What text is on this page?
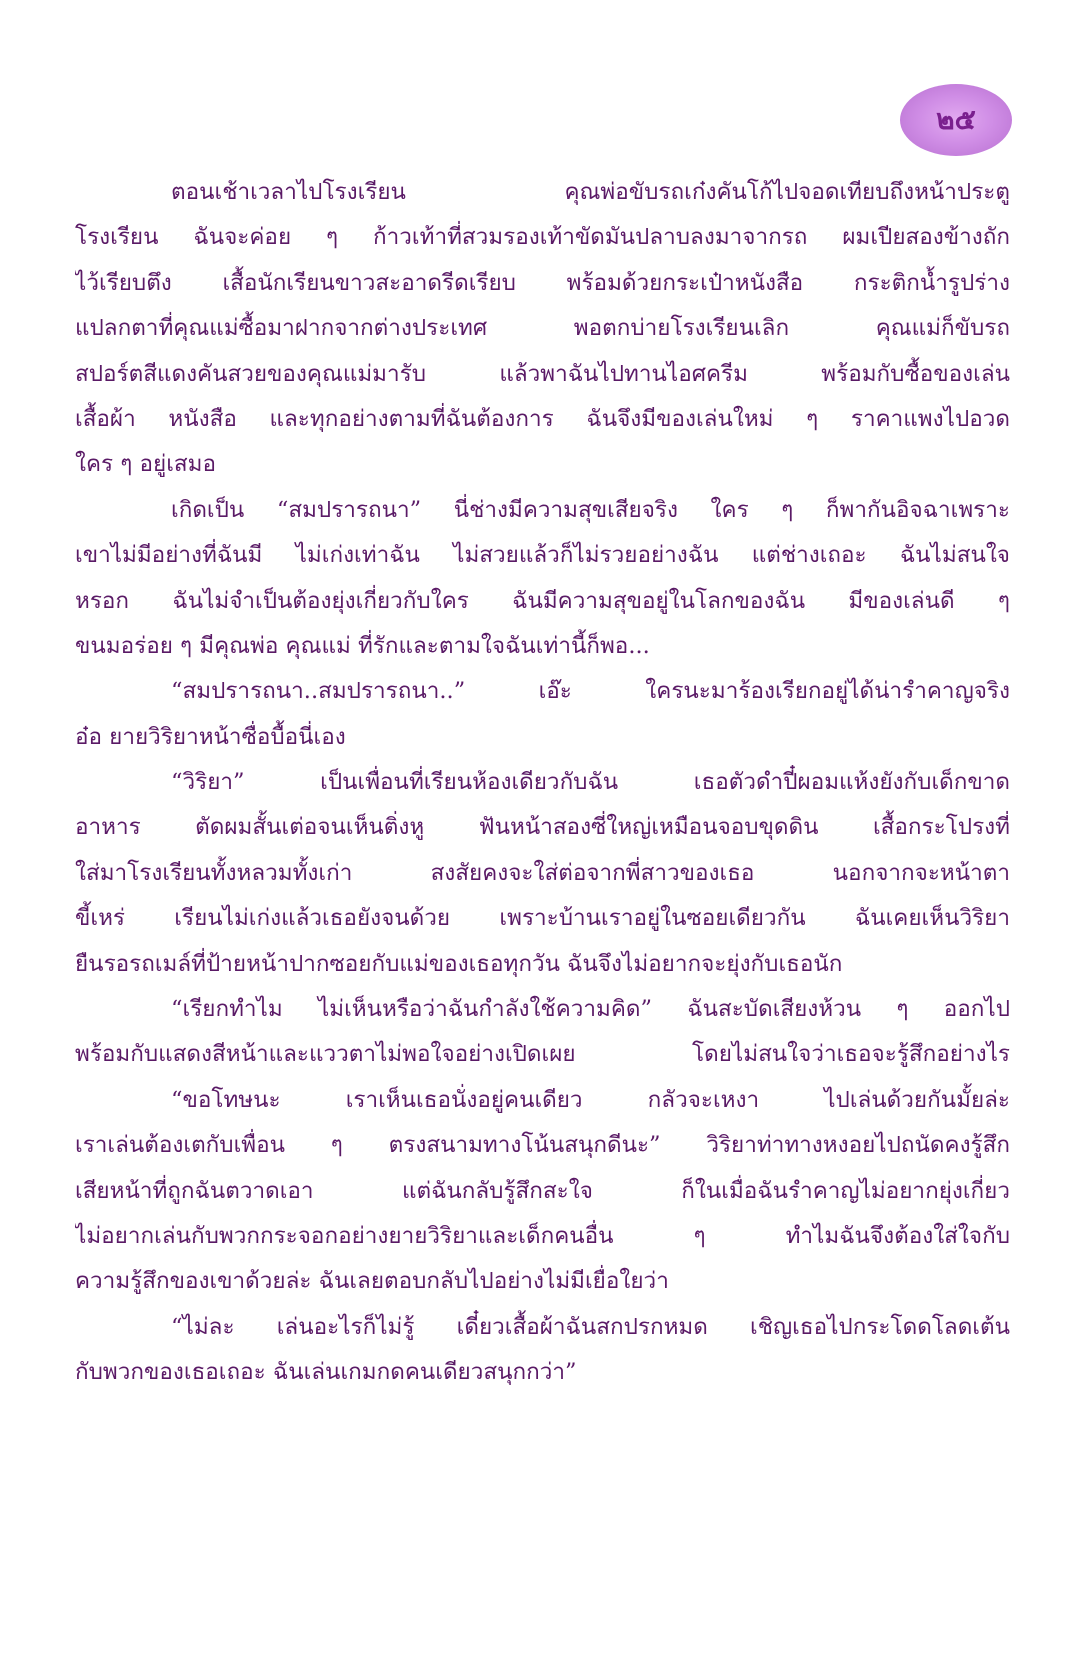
๒๕
ตอนเช้าเวลาไปโรงเรียน คุณพ่อขับรถเก๋งคันโก้ไปจอดเทียบถึงหน้าประตู
โรงเรียน ฉันจะค่อย ๆ ก้าวเท้าที่สวมรองเท้าขัดมันปลาบลงมาจากรถ ผมเปียสองข้างถัก
ไว้เรียบตึง เสื้อนักเรียนขาวสะอาดรีดเรียบ พร้อมด้วยกระเป๋าหนังสือ กระติกน้ำรูปร่าง
แปลกตาที่คุณแม่ซื้อมาฝากจากต่างประเทศ พอตกบ่ายโรงเรียนเลิก คุณแม่ก็ขับรถ
สปอร์ตสีแดงคันสวยของคุณแม่มารับ แล้วพาฉันไปทานไอศครีม พร้อมกับซื้อของเล่น
เสื้อผ้า หนังสือ และทุกอย่างตามที่ฉันต้องการ ฉันจึงมีของเล่นใหม่ ๆ ราคาแพงไปอวด
ใคร ๆ อยู่เสมอ
เกิดเป็น “สมปรารถนา” นี่ช่างมีความสุขเสียจริง ใคร ๆ ก็พากันอิจฉาเพราะ
เขาไม่มีอย่างที่ฉันมี ไม่เก่งเท่าฉัน ไม่สวยแล้วก็ไม่รวยอย่างฉัน แต่ช่างเถอะ ฉันไม่สนใจ
หรอก ฉันไม่จำเป็นต้องยุ่งเกี่ยวกับใคร ฉันมีความสุขอยู่ในโลกของฉัน มีของเล่นดี ๆ
ขนมอร่อย ๆ มีคุณพ่อ คุณแม่ ที่รักและตามใจฉันเท่านี้ก็พอ...
“สมปรารถนา..สมปรารถนา..” เอ๊ะ ใครนะมาร้องเรียกอยู่ได้น่ารำคาญจริง
อ๋อ ยายวิริยาหน้าซื่อบื้อนี่เอง
“วิริยา” เป็นเพื่อนที่เรียนห้องเดียวกับฉัน เธอตัวดำปี๋ผอมแห้งยังกับเด็กขาด
อาหาร ตัดผมสั้นเต่อจนเห็นติ่งหู ฟันหน้าสองซี่ใหญ่เหมือนจอบขุดดิน เสื้อกระโปรงที่
ใส่มาโรงเรียนทั้งหลวมทั้งเก่า สงสัยคงจะใส่ต่อจากพี่สาวของเธอ นอกจากจะหน้าตา
ขี้เหร่ เรียนไม่เก่งแล้วเธอยังจนด้วย เพราะบ้านเราอยู่ในซอยเดียวกัน ฉันเคยเห็นวิริยา
ยืนรอรถเมล์ที่ป้ายหน้าปากซอยกับแม่ของเธอทุกวัน ฉันจึงไม่อยากจะยุ่งกับเธอนัก
“เรียกทำไม ไม่เห็นหรือว่าฉันกำลังใช้ความคิด” ฉันสะบัดเสียงห้วน ๆ ออกไป
พร้อมกับแสดงสีหน้าและแววตาไม่พอใจอย่างเปิดเผย โดยไม่สนใจว่าเธอจะรู้สึกอย่างไร
“ขอโทษนะ เราเห็นเธอนั่งอยู่คนเดียว กลัวจะเหงา ไปเล่นด้วยกันมั้ยล่ะ
เราเล่นต้องเตกับเพื่อน ๆ ตรงสนามทางโน้นสนุกดีนะ” วิริยาท่าทางหงอยไปถนัดคงรู้สึก
เสียหน้าที่ถูกฉันตวาดเอา แต่ฉันกลับรู้สึกสะใจ ก็ในเมื่อฉันรำคาญไม่อยากยุ่งเกี่ยว
ไม่อยากเล่นกับพวกกระจอกอย่างยายวิริยาและเด็กคนอื่น ๆ ทำไมฉันจึงต้องใส่ใจกับ
ความรู้สึกของเขาด้วยล่ะ ฉันเลยตอบกลับไปอย่างไม่มีเยื่อใยว่า
“ไม่ละ เล่นอะไรก็ไม่รู้ เดี๋ยวเสื้อผ้าฉันสกปรกหมด เชิญเธอไปกระโดดโลดเต้น
กับพวกของเธอเถอะ ฉันเล่นเกมกดคนเดียวสนุกกว่า”
